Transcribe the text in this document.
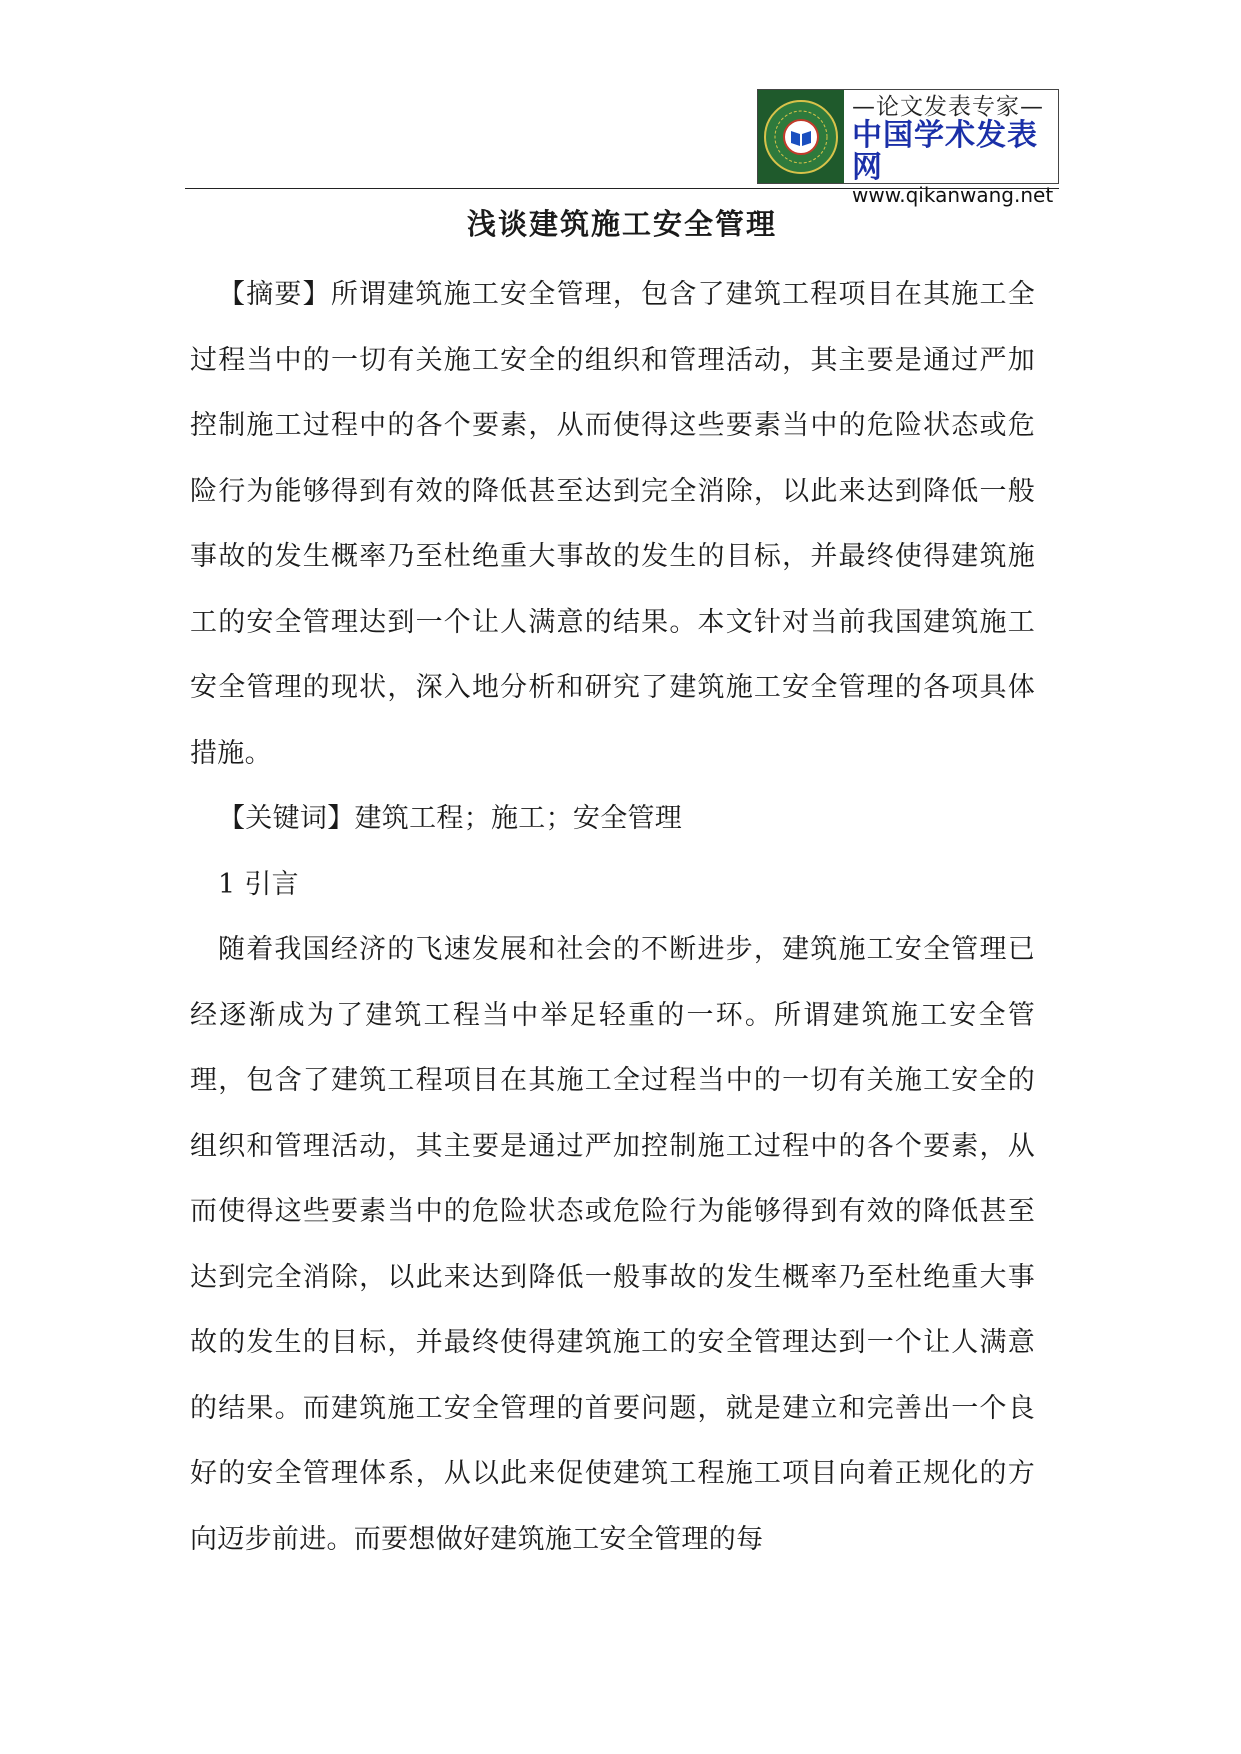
—论文发表专家—
中国学术发表网
www.qikanwang.net
浅谈建筑施工安全管理

【摘要】所谓建筑施工安全管理，包含了建筑工程项目在其施工全过程当中的一切有关施工安全的组织和管理活动，其主要是通过严加控制施工过程中的各个要素，从而使得这些要素当中的危险状态或危险行为能够得到有效的降低甚至达到完全消除，以此来达到降低一般事故的发生概率乃至杜绝重大事故的发生的目标，并最终使得建筑施工的安全管理达到一个让人满意的结果。本文针对当前我国建筑施工安全管理的现状，深入地分析和研究了建筑施工安全管理的各项具体措施。

【关键词】建筑工程；施工；安全管理

1 引言

随着我国经济的飞速发展和社会的不断进步，建筑施工安全管理已经逐渐成为了建筑工程当中举足轻重的一环。所谓建筑施工安全管理，包含了建筑工程项目在其施工全过程当中的一切有关施工安全的组织和管理活动，其主要是通过严加控制施工过程中的各个要素，从而使得这些要素当中的危险状态或危险行为能够得到有效的降低甚至达到完全消除，以此来达到降低一般事故的发生概率乃至杜绝重大事故的发生的目标，并最终使得建筑施工的安全管理达到一个让人满意的结果。而建筑施工安全管理的首要问题，就是建立和完善出一个良好的安全管理体系，从以此来促使建筑工程施工项目向着正规化的方向迈步前进。而要想做好建筑施工安全管理的每
